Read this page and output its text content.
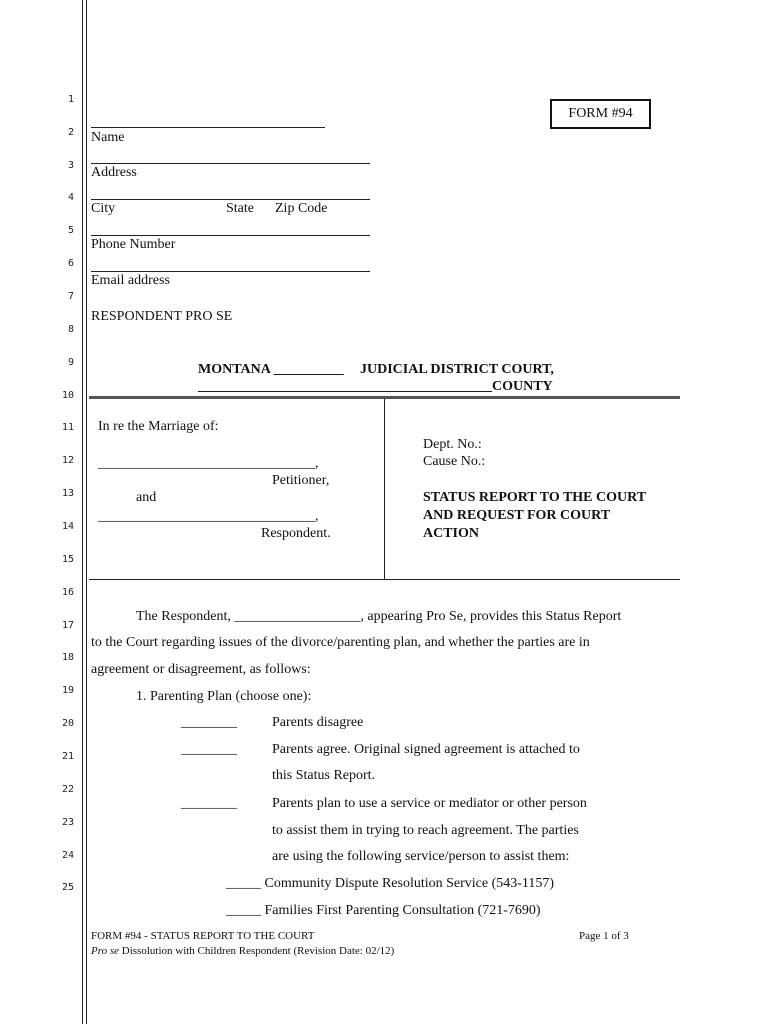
1
2
3
4
5
6
7
8
9
10
11
12
13
14
15
16
17
18
19
20
21
22
23
24
25
FORM #94
Name
Address
City	State Zip Code
Phone Number
Email address
RESPONDENT PRO SE
MONTANA __________ JUDICIAL DISTRICT COURT,
__________________________________________COUNTY
In re the Marriage of:
_______________________________,
Petitioner,
and
_______________________________,
Respondent.
Dept. No.:
Cause No.:
STATUS REPORT TO THE COURT
AND REQUEST FOR COURT
ACTION
The Respondent, __________________, appearing Pro Se, provides this Status Report
to the Court regarding issues of the divorce/parenting plan, and whether the parties are in
agreement or disagreement, as follows:
1. Parenting Plan (choose one):
________	Parents disagree
________	Parents agree. Original signed agreement is attached to
this Status Report.
________	Parents plan to use a service or mediator or other person
to assist them in trying to reach agreement. The parties
are using the following service/person to assist them:
_____ Community Dispute Resolution Service (543-1157)
_____ Families First Parenting Consultation (721-7690)
FORM #94 - STATUS REPORT TO THE COURT
Pro se Dissolution with Children Respondent (Revision Date: 02/12)
Page 1 of 3
